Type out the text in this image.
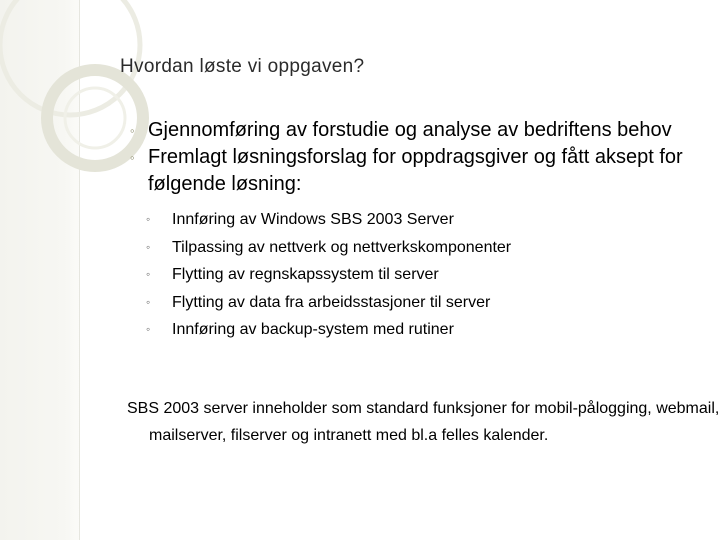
Hvordan løste vi oppgaven?
◦​ Gjennomføring av forstudie og analyse av bedriftens behov
◦​ Fremlagt løsningsforslag for oppdragsgiver og fått aksept for følgende løsning:
◦ Innføring av Windows SBS 2003 Server
◦ Tilpassing av nettverk og nettverkskomponenter
◦ Flytting av regnskapssystem til server
◦ Flytting av data fra arbeidsstasjoner til server
◦ Innføring av backup-system med rutiner
SBS 2003 server inneholder som standard funksjoner for mobil-pålogging, webmail, mailserver, filserver og intranett med bl.a felles kalender.
